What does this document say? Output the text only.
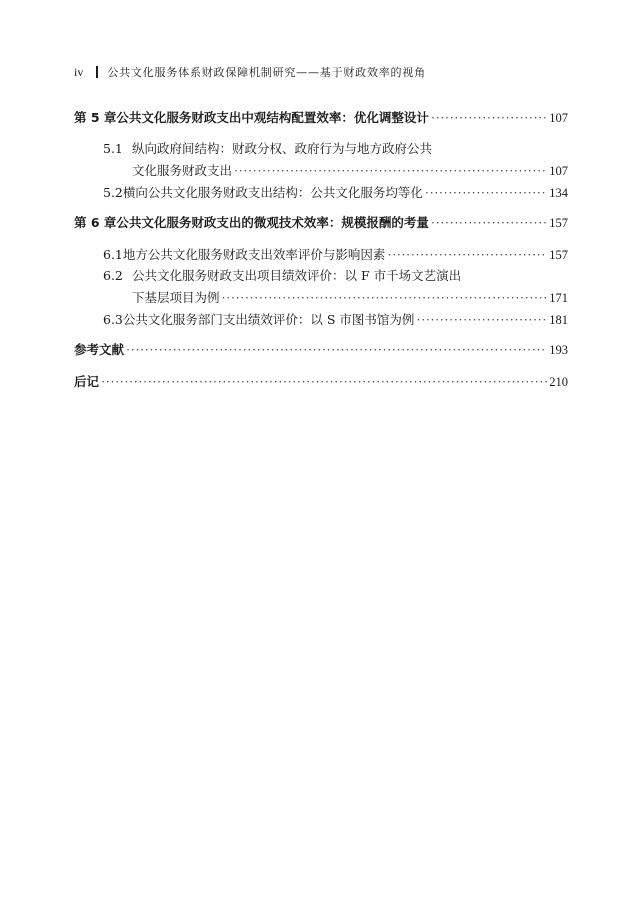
iv 公共文化服务体系财政保障机制研究——基于财政效率的视角
第 5 章 公共文化服务财政支出中观结构配置效率：优化调整设计 ·····	107
5.1 纵向政府间结构：财政分权、政府行为与地方政府公共
文化服务财政支出 ·····	107
5.2 横向公共文化服务财政支出结构：公共文化服务均等化 ·····	134
第 6 章 公共文化服务财政支出的微观技术效率：规模报酬的考量 ·····	157
6.1 地方公共文化服务财政支出效率评价与影响因素 ·····	157
6.2 公共文化服务财政支出项目绩效评价：以 F 市千场文艺演出
下基层项目为例 ·····	171
6.3 公共文化服务部门支出绩效评价：以 S 市图书馆为例 ·····	181
参考文献 ·····	193
后记 ·····	210
